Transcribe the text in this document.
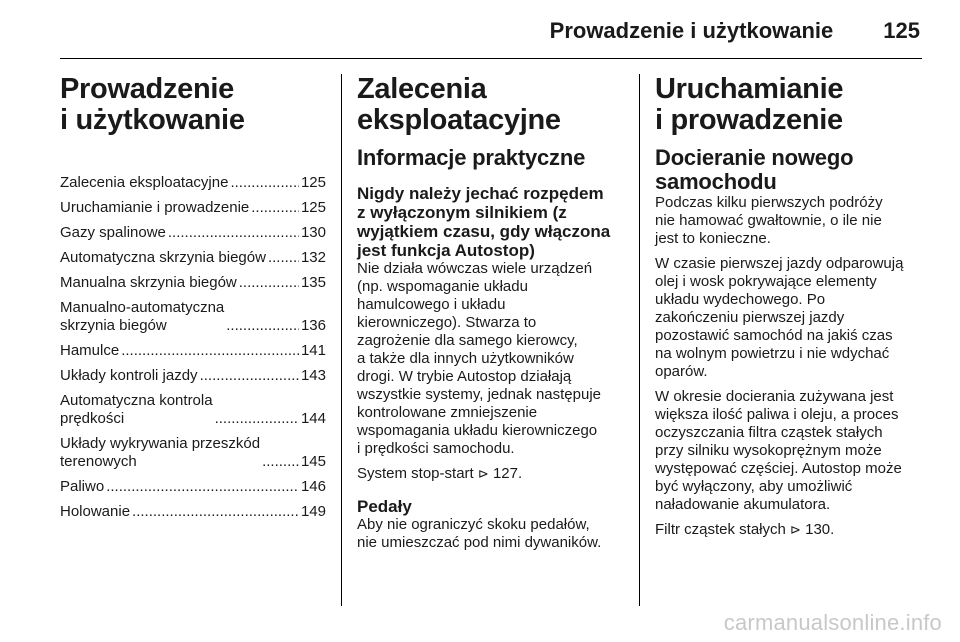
Prowadzenie i użytkowanie 125
Prowadzenie
i użytkowanie
Zalecenia eksploatacyjne .....	125
Uruchamianie i prowadzenie .....	125
Gazy spalinowe .....	130
Automatyczna skrzynia biegów ..... 132
Manualna skrzynia biegów .....	135
Manualno-automatyczna
skrzynia biegów .....	136
Hamulce .....	141
Układy kontroli jazdy .....	143
Automatyczna kontrola
prędkości .....	144
Układy wykrywania przeszkód
terenowych .....	145
Paliwo .....	146
Holowanie .....	149
Zalecenia
eksploatacyjne
Informacje praktyczne
Nigdy należy jechać rozpędem
z wyłączonym silnikiem (z
wyjątkiem czasu, gdy włączona
jest funkcja Autostop)

Nie działa wówczas wiele urządzeń
(np. wspomaganie układu
hamulcowego i układu
kierowniczego). Stwarza to
zagrożenie dla samego kierowcy,
a także dla innych użytkowników
drogi. W trybie Autostop działają
wszystkie systemy, jednak następuje
kontrolowane zmniejszenie
wspomagania układu kierowniczego
i prędkości samochodu.

System stop-start ⊳ 127.

Pedały

Aby nie ograniczyć skoku pedałów,
nie umieszczać pod nimi dywaników.

Uruchamianie
i prowadzenie
Docieranie nowego
samochodu

Podczas kilku pierwszych podróży
nie hamować gwałtownie, o ile nie
jest to konieczne.

W czasie pierwszej jazdy odparowują
olej i wosk pokrywające elementy
układu wydechowego. Po
zakończeniu pierwszej jazdy
pozostawić samochód na jakiś czas
na wolnym powietrzu i nie wdychać
oparów.

W okresie docierania zużywana jest
większa ilość paliwa i oleju, a proces
oczyszczania filtra cząstek stałych
przy silniku wysokoprężnym może
występować częściej. Autostop może
być wyłączony, aby umożliwić
naładowanie akumulatora.

Filtr cząstek stałych ⊳ 130.

carmanualsonline.info
